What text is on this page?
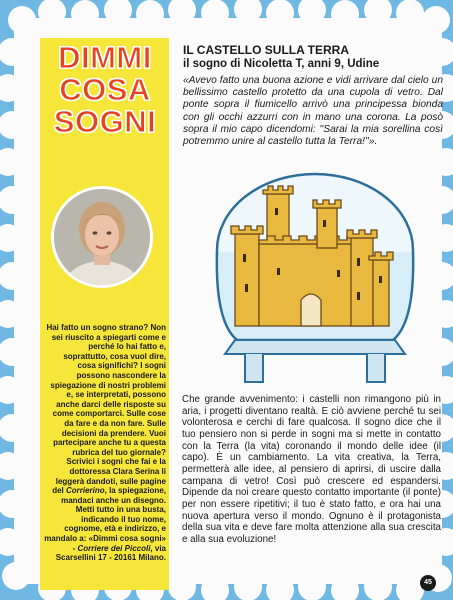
DIMMI
COSA
SOGNI
Hai fatto un sogno strano? Non sei riuscito a spiegarti come e perché lo hai fatto e, soprattutto, cosa vuol dire, cosa significhi? I sogni possono nascondere la spiegazione di nostri problemi e, se interpretati, possono anche darci delle risposte su come comportarci. Sulle cose da fare e da non fare. Sulle decisioni da prendere. Vuoi partecipare anche tu a questa rubrica del tuo giornale? Scrivici i sogni che fai e la dottoressa Clara Serina li leggerà dandoti, sulle pagine del Corrierino, la spiegazione, mandaci anche un disegno. Metti tutto in una busta, indicando il tuo nome, cognome, età e indirizzo, e mandalo a: «Dimmi cosa sogni» - Corriere dei Piccoli, via Scarsellini 17 - 20161 Milano.
IL CASTELLO SULLA TERRA
il sogno di Nicoletta T, anni 9, Udine
«Avevo fatto una buona azione e vidi arrivare dal cielo un bellissimo castello protetto da una cupola di vetro. Dal ponte sopra il fiumicello arrivò una principessa bionda con gli occhi azzurri con in mano una corona. La posò sopra il mio capo dicendomi: ''Sarai la mia sorellina così potremmo unire al castello tutta la Terra!''».
Che grande avvenimento: i castelli non rimangono più in aria, i progetti diventano realtà. E ciò avviene perché tu sei volonterosa e cerchi di fare qualcosa. Il sogno dice che il tuo pensiero non si perde in sogni ma si mette in contatto con la Terra (la vita) coronando il mondo delle idee (il capo). È un cambiamento. La vita creativa, la Terra, permetterà alle idee, al pensiero di aprirsi, di uscire dalla campana di vetro! Così può crescere ed espandersi. Dipende da noi creare questo contatto importante (il ponte) per non essere ripetitivi; il tuo è stato fatto, e ora hai una nuova apertura verso il mondo. Ognuno è il protagonista della sua vita e deve fare molta attenzione alla sua crescita e alla sua evoluzione!
45
